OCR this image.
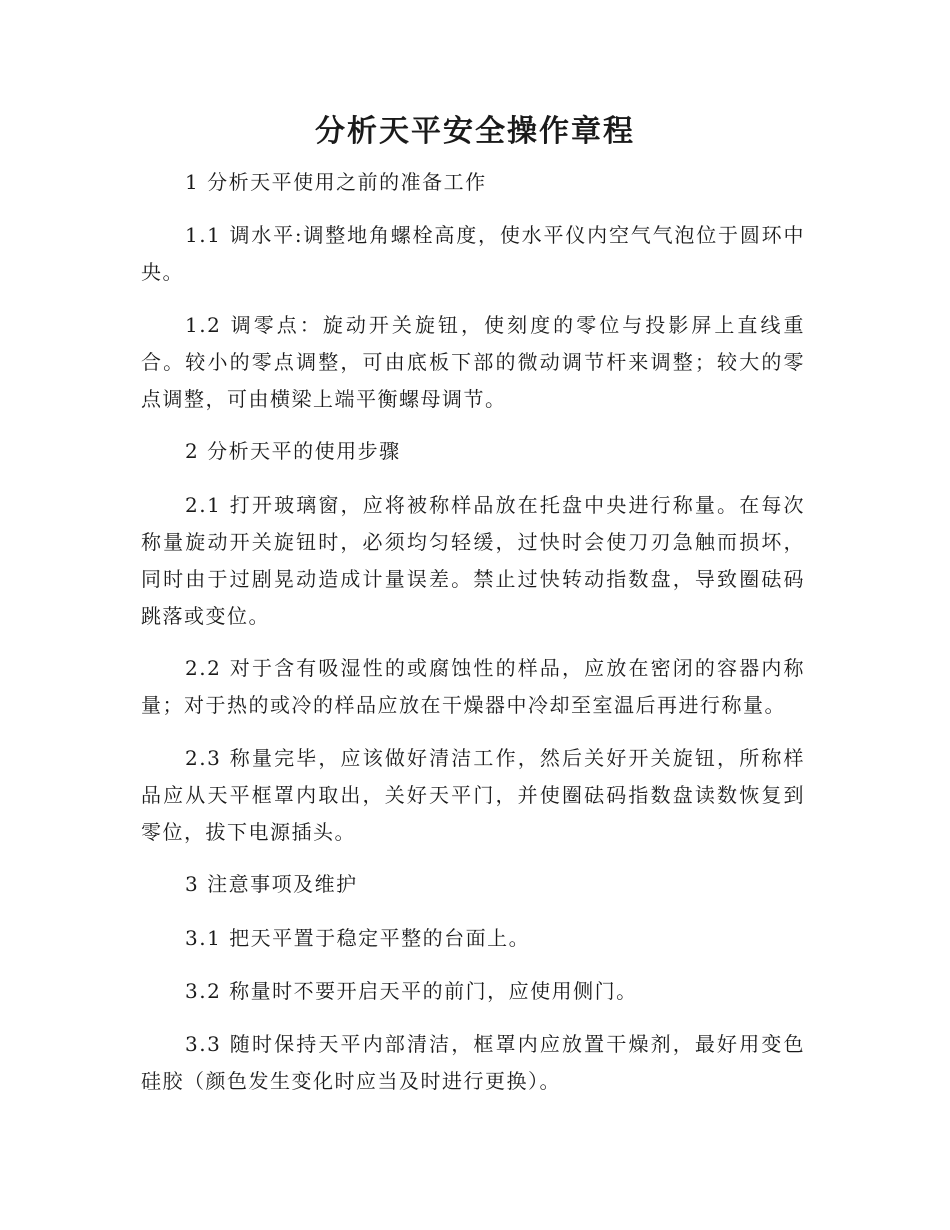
分析天平安全操作章程

1 分析天平使用之前的准备工作

1.1 调水平:调整地角螺栓高度，使水平仪内空气气泡位于圆环中央。

1.2 调零点：旋动开关旋钮，使刻度的零位与投影屏上直线重合。较小的零点调整，可由底板下部的微动调节杆来调整；较大的零点调整，可由横梁上端平衡螺母调节。

2 分析天平的使用步骤

2.1 打开玻璃窗，应将被称样品放在托盘中央进行称量。在每次称量旋动开关旋钮时，必须均匀轻缓，过快时会使刀刃急触而损坏，同时由于过剧晃动造成计量误差。禁止过快转动指数盘，导致圈砝码跳落或变位。

2.2 对于含有吸湿性的或腐蚀性的样品，应放在密闭的容器内称量；对于热的或冷的样品应放在干燥器中冷却至室温后再进行称量。

2.3 称量完毕，应该做好清洁工作，然后关好开关旋钮，所称样品应从天平框罩内取出，关好天平门，并使圈砝码指数盘读数恢复到零位，拔下电源插头。

3 注意事项及维护

3.1 把天平置于稳定平整的台面上。

3.2 称量时不要开启天平的前门，应使用侧门。

3.3 随时保持天平内部清洁，框罩内应放置干燥剂，最好用变色硅胶（颜色发生变化时应当及时进行更换）。
